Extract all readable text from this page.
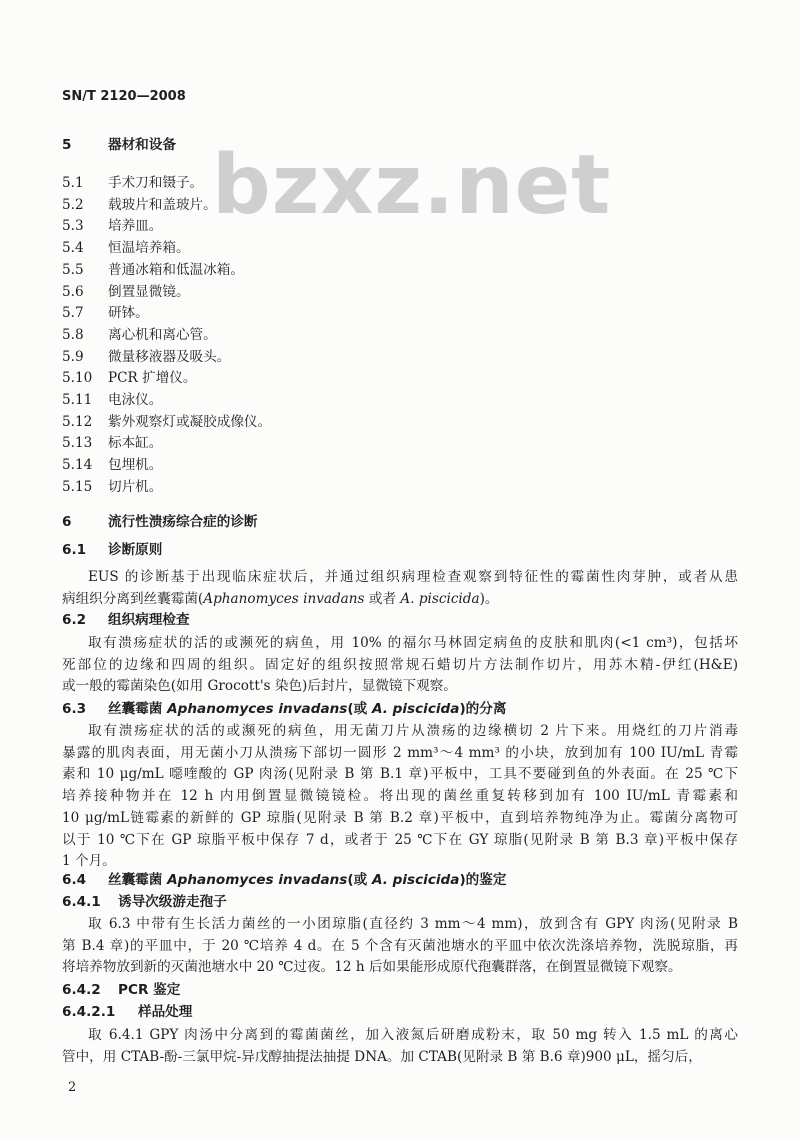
bzxz.net
SN/T 2120—2008
5	器材和设备
5.1 手术刀和镊子。
5.2 载玻片和盖玻片。
5.3 培养皿。
5.4 恒温培养箱。
5.5 普通冰箱和低温冰箱。
5.6 倒置显微镜。
5.7 研钵。
5.8 离心机和离心管。
5.9 微量移液器及吸头。
5.10 PCR 扩增仪。
5.11 电泳仪。
5.12 紫外观察灯或凝胶成像仪。
5.13 标本缸。
5.14 包埋机。
5.15 切片机。
6	流行性溃疡综合症的诊断
6.1 诊断原则
EUS 的诊断基于出现临床症状后，并通过组织病理检查观察到特征性的霉菌性肉芽肿，或者从患
病组织分离到丝囊霉菌(Aphanomyces invadans 或者 A. piscicida)。
6.2 组织病理检查
取有溃疡症状的活的或濒死的病鱼，用 10% 的福尔马林固定病鱼的皮肤和肌肉(<1 cm³)，包括坏
死部位的边缘和四周的组织。固定好的组织按照常规石蜡切片方法制作切片，用苏木精-伊红(H&E)
或一般的霉菌染色(如用 Grocott's 染色)后封片，显微镜下观察。
6.3 丝囊霉菌 Aphanomyces invadans(或 A. piscicida)的分离
取有溃疡症状的活的或濒死的病鱼，用无菌刀片从溃疡的边缘横切 2 片下来。用烧红的刀片消毒
暴露的肌肉表面，用无菌小刀从溃疡下部切一圆形 2 mm³～4 mm³ 的小块，放到加有 100 IU/mL 青霉
素和 10 μg/mL 噁喹酸的 GP 肉汤(见附录 B 第 B.1 章)平板中，工具不要碰到鱼的外表面。在 25 ℃下
培养接种物并在 12 h 内用倒置显微镜镜检。将出现的菌丝重复转移到加有 100 IU/mL 青霉素和
10 μg/mL链霉素的新鲜的 GP 琼脂(见附录 B 第 B.2 章)平板中，直到培养物纯净为止。霉菌分离物可
以于 10 ℃下在 GP 琼脂平板中保存 7 d，或者于 25 ℃下在 GY 琼脂(见附录 B 第 B.3 章)平板中保存
1 个月。
6.4 丝囊霉菌 Aphanomyces invadans(或 A. piscicida)的鉴定
6.4.1 诱导次级游走孢子
取 6.3 中带有生长活力菌丝的一小团琼脂(直径约 3 mm～4 mm)，放到含有 GPY 肉汤(见附录 B
第 B.4 章)的平皿中，于 20 ℃培养 4 d。在 5 个含有灭菌池塘水的平皿中依次洗涤培养物，洗脱琼脂，再
将培养物放到新的灭菌池塘水中 20 ℃过夜。12 h 后如果能形成原代孢囊群落，在倒置显微镜下观察。
6.4.2 PCR 鉴定
6.4.2.1 样品处理
取 6.4.1 GPY 肉汤中分离到的霉菌菌丝，加入液氮后研磨成粉末，取 50 mg 转入 1.5 mL 的离心
管中，用 CTAB-酚-三氯甲烷-异戊醇抽提法抽提 DNA。加 CTAB(见附录 B 第 B.6 章)900 μL，摇匀后，
2
